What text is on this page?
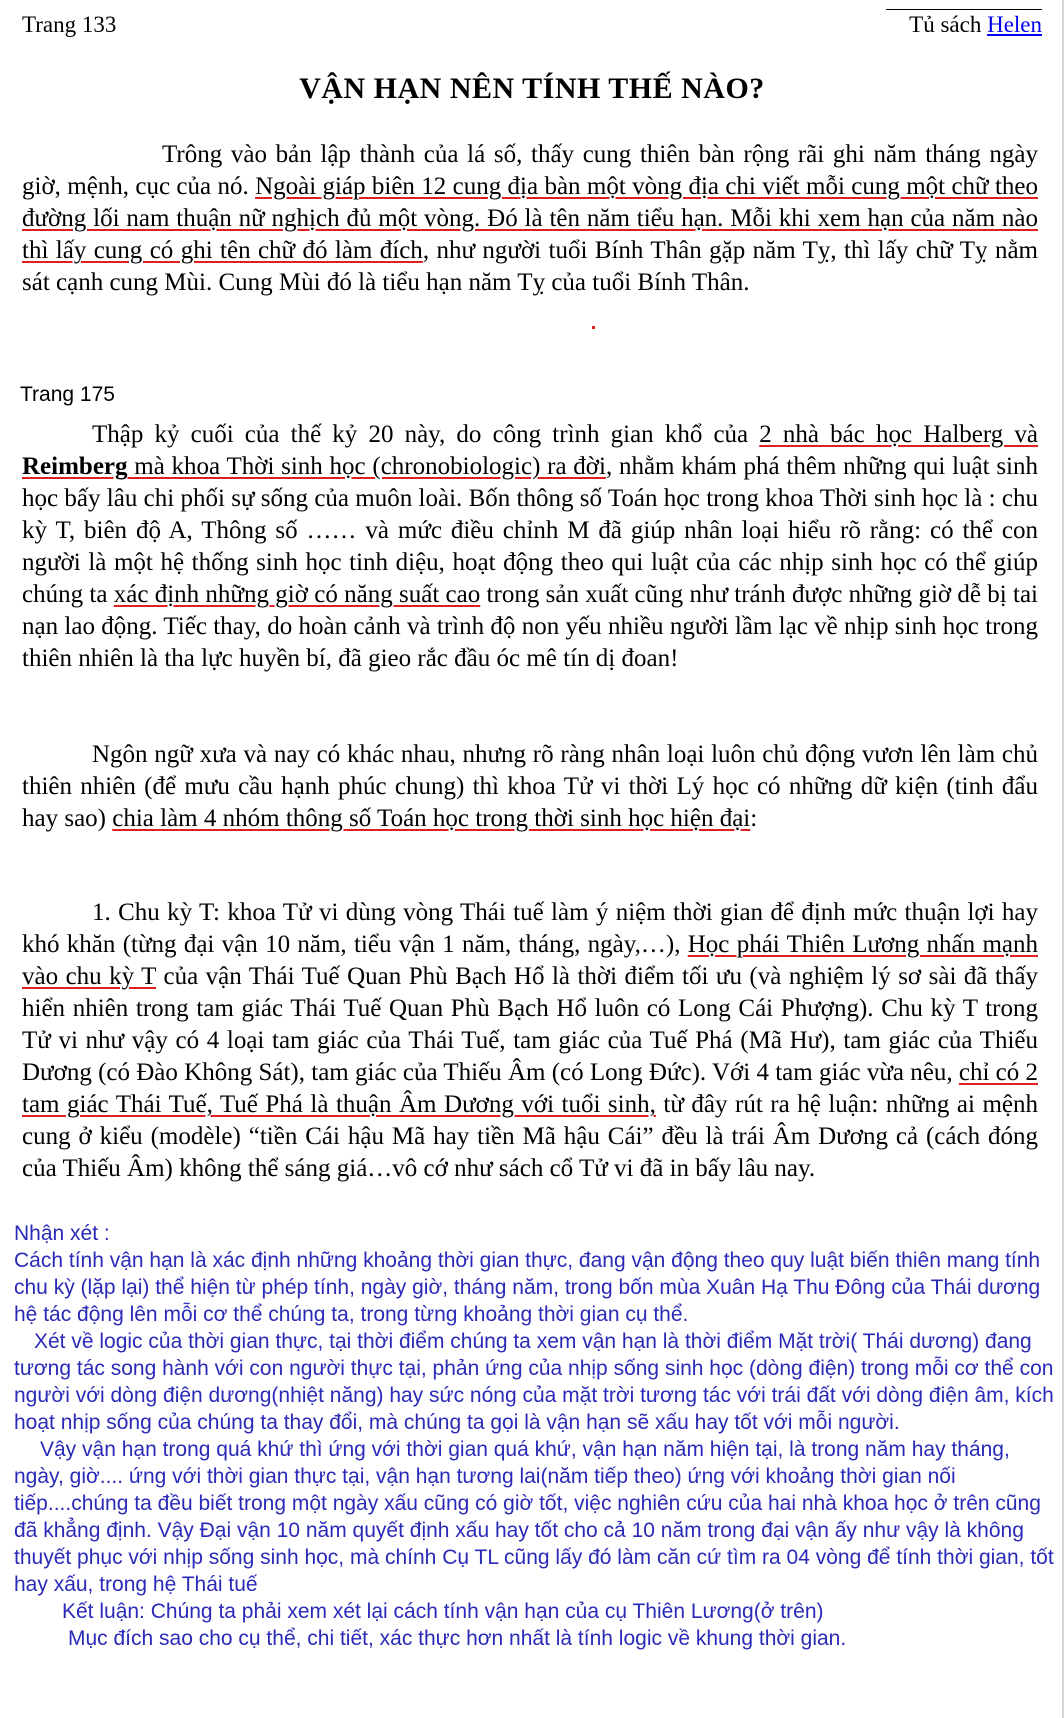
Trang 133	Tủ sách Helen
VẬN HẠN NÊN TÍNH THẾ NÀO?

Trông vào bản lập thành của lá số, thấy cung thiên bàn rộng rãi ghi năm tháng ngày giờ, mệnh, cục của nó. Ngoài giáp biên 12 cung địa bàn một vòng địa chi viết mỗi cung một chữ theo đường lối nam thuận nữ nghịch đủ một vòng. Đó là tên năm tiểu hạn. Mỗi khi xem hạn của năm nào thì lấy cung có ghi tên chữ đó làm đích, như người tuổi Bính Thân gặp năm Tỵ, thì lấy chữ Tỵ nằm sát cạnh cung Mùi. Cung Mùi đó là tiểu hạn năm Tỵ của tuổi Bính Thân.

Trang 175

Thập kỷ cuối của thế kỷ 20 này, do công trình gian khổ của 2 nhà bác học Halberg và Reimberg mà khoa Thời sinh học (chronobiologic) ra đời, nhằm khám phá thêm những qui luật sinh học bấy lâu chi phối sự sống của muôn loài. Bốn thông số Toán học trong khoa Thời sinh học là : chu kỳ T, biên độ A, Thông số …… và mức điều chỉnh M đã giúp nhân loại hiểu rõ rằng: có thể con người là một hệ thống sinh học tinh diệu, hoạt động theo qui luật của các nhịp sinh học có thể giúp chúng ta xác định những giờ có năng suất cao trong sản xuất cũng như tránh được những giờ dễ bị tai nạn lao động. Tiếc thay, do hoàn cảnh và trình độ non yếu nhiều người lầm lạc về nhịp sinh học trong thiên nhiên là tha lực huyền bí, đã gieo rắc đầu óc mê tín dị đoan!

Ngôn ngữ xưa và nay có khác nhau, nhưng rõ ràng nhân loại luôn chủ động vươn lên làm chủ thiên nhiên (để mưu cầu hạnh phúc chung) thì khoa Tử vi thời Lý học có những dữ kiện (tinh đẩu hay sao) chia làm 4 nhóm thông số Toán học trong thời sinh học hiện đại:

1. Chu kỳ T: khoa Tử vi dùng vòng Thái tuế làm ý niệm thời gian để định mức thuận lợi hay khó khăn (từng đại vận 10 năm, tiểu vận 1 năm, tháng, ngày,…), Học phái Thiên Lương nhấn mạnh vào chu kỳ T của vận Thái Tuế Quan Phù Bạch Hổ là thời điểm tối ưu (và nghiệm lý sơ sài đã thấy hiển nhiên trong tam giác Thái Tuế Quan Phù Bạch Hổ luôn có Long Cái Phượng). Chu kỳ T trong Tử vi như vậy có 4 loại tam giác của Thái Tuế, tam giác của Tuế Phá (Mã Hư), tam giác của Thiếu Dương (có Đào Không Sát), tam giác của Thiếu Âm (có Long Đức). Với 4 tam giác vừa nêu, chỉ có 2 tam giác Thái Tuế, Tuế Phá là thuận Âm Dương với tuổi sinh, từ đây rút ra hệ luận: những ai mệnh cung ở kiểu (modèle) “tiền Cái hậu Mã hay tiền Mã hậu Cái” đều là trái Âm Dương cả (cách đóng của Thiếu Âm) không thể sáng giá…vô cớ như sách cổ Tử vi đã in bấy lâu nay.

Nhận xét :

Cách tính vận hạn là xác định những khoảng thời gian thực, đang vận động theo quy luật biến thiên mang tính chu kỳ (lặp lại) thể hiện từ phép tính, ngày giờ, tháng năm, trong bốn mùa Xuân Hạ Thu Đông của Thái dương hệ tác động lên mỗi cơ thể chúng ta, trong từng khoảng thời gian cụ thể.

Xét về logic của thời gian thực, tại thời điểm chúng ta xem vận hạn là thời điểm Mặt trời( Thái dương) đang tương tác song hành với con người thực tại, phản ứng của nhịp sống sinh học (dòng điện) trong mỗi cơ thể con người với dòng điện dương(nhiệt năng) hay sức nóng của mặt trời tương tác với trái đất với dòng điện âm, kích hoạt nhịp sống của chúng ta thay đổi, mà chúng ta gọi là vận hạn sẽ xấu hay tốt với mỗi người.

Vậy vận hạn trong quá khứ thì ứng với thời gian quá khứ, vận hạn năm hiện tại, là trong năm hay tháng, ngày, giờ.... ứng với thời gian thực tại, vận hạn tương lai(năm tiếp theo) ứng với khoảng thời gian nối tiếp....chúng ta đều biết trong một ngày xấu cũng có giờ tốt, việc nghiên cứu của hai nhà khoa học ở trên cũng đã khẳng định. Vậy Đại vận 10 năm quyết định xấu hay tốt cho cả 10 năm trong đại vận ấy như vậy là không thuyết phục với nhịp sống sinh học, mà chính Cụ TL cũng lấy đó làm căn cứ tìm ra 04 vòng để tính thời gian, tốt hay xấu, trong hệ Thái tuế

Kết luận: Chúng ta phải xem xét lại cách tính vận hạn của cụ Thiên Lương(ở trên)

Mục đích sao cho cụ thể, chi tiết, xác thực hơn nhất là tính logic về khung thời gian.
